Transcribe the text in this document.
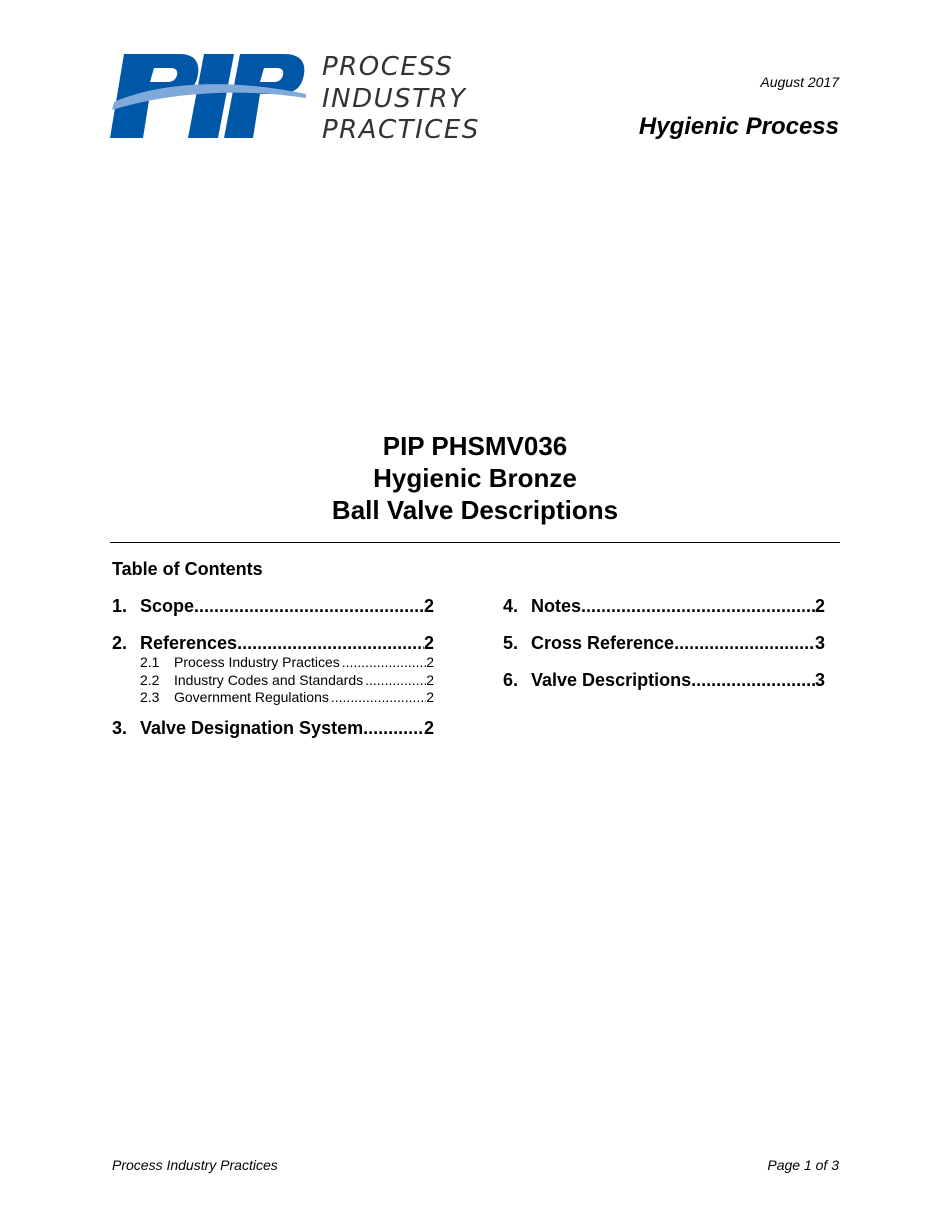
PROCESS
INDUSTRY
PRACTICES
August 2017
Hygienic Process
PIP PHSMV036
Hygienic Bronze
Ball Valve Descriptions
Table of Contents
1. Scope .....	2
2. References .....	2
2.1	Process Industry Practices .....	2
2.2	Industry Codes and Standards .....	2
2.3	Government Regulations .....	2
3. Valve Designation System .....	2
4. Notes .....	2
5. Cross Reference .....	3
6. Valve Descriptions .....	3
Process Industry Practices	Page 1 of 3
